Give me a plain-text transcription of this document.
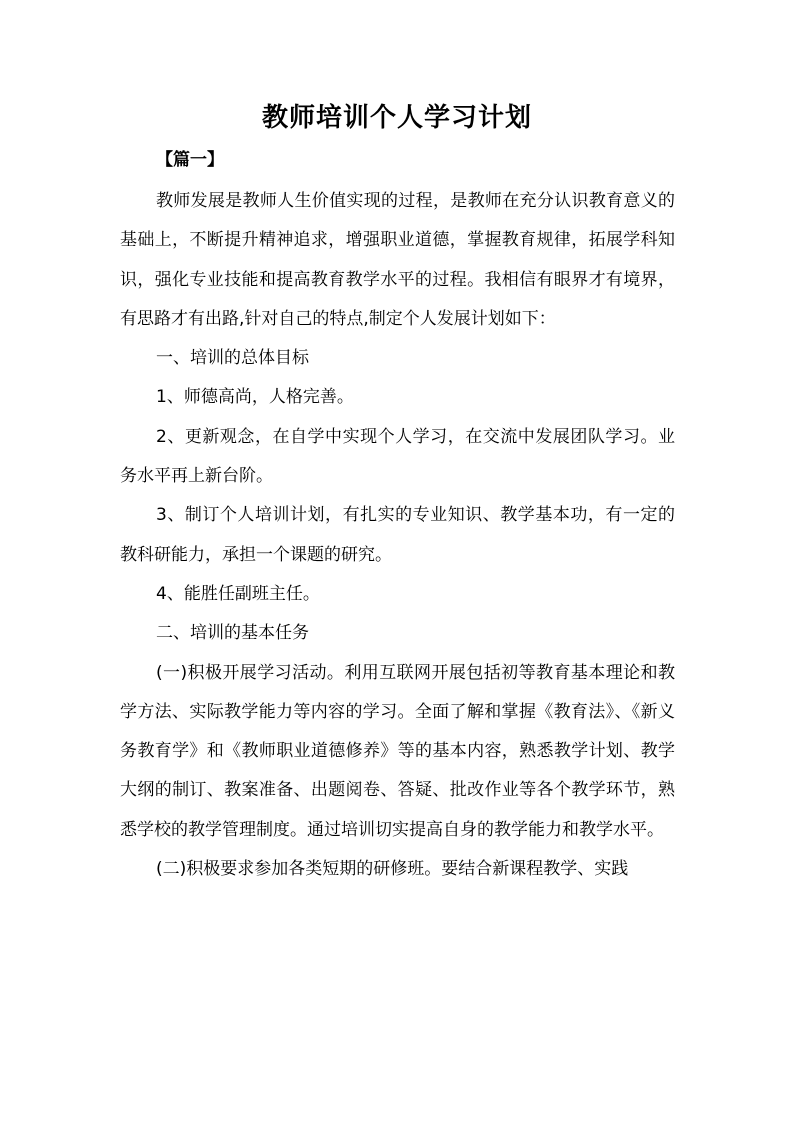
教师培训个人学习计划
【篇一】

教师发展是教师人生价值实现的过程，是教师在充分认识教育意义的基础上，不断提升精神追求，增强职业道德，掌握教育规律，拓展学科知识，强化专业技能和提高教育教学水平的过程。我相信有眼界才有境界，有思路才有出路,针对自己的特点,制定个人发展计划如下：

一、培训的总体目标

1、师德高尚，人格完善。

2、更新观念，在自学中实现个人学习，在交流中发展团队学习。业务水平再上新台阶。

3、制订个人培训计划，有扎实的专业知识、教学基本功，有一定的教科研能力，承担一个课题的研究。

4、能胜任副班主任。

二、培训的基本任务

(一)积极开展学习活动。利用互联网开展包括初等教育基本理论和教学方法、实际教学能力等内容的学习。全面了解和掌握《教育法》、《新义务教育学》和《教师职业道德修养》等的基本内容，熟悉教学计划、教学大纲的制订、教案准备、出题阅卷、答疑、批改作业等各个教学环节，熟悉学校的教学管理制度。通过培训切实提高自身的教学能力和教学水平。

(二)积极要求参加各类短期的研修班。要结合新课程教学、实践
